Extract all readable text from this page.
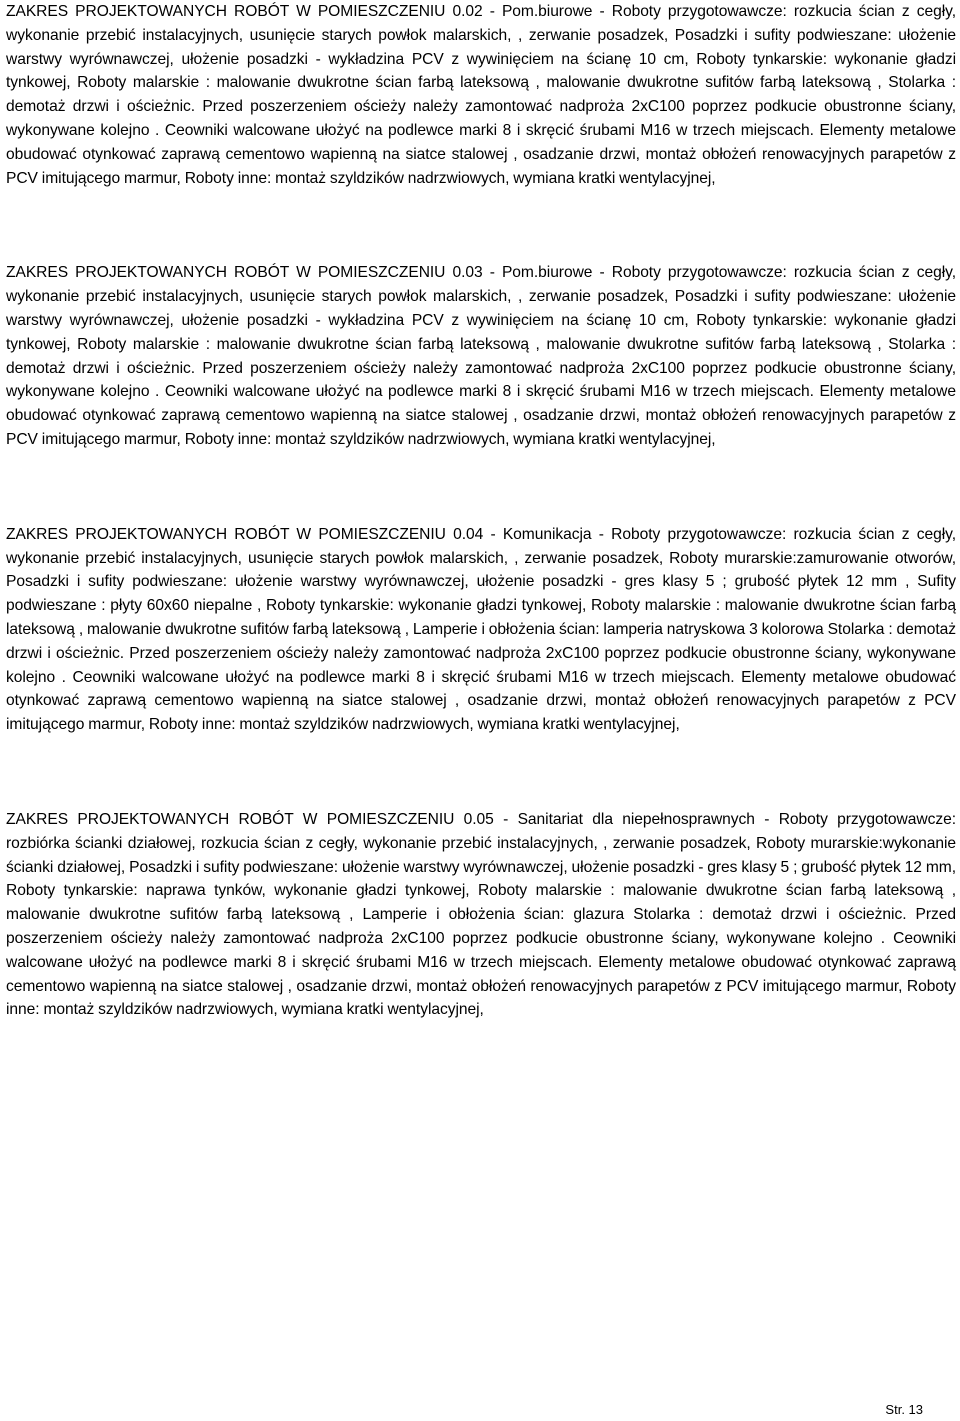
ZAKRES PROJEKTOWANYCH ROBÓT W POMIESZCZENIU 0.02 - Pom.biurowe - Roboty przygotowawcze: rozkucia ścian z cegły, wykonanie przebić instalacyjnych, usunięcie starych powłok malarskich, , zerwanie posadzek, Posadzki i sufity podwieszane: ułożenie warstwy wyrównawczej, ułożenie posadzki - wykładzina PCV z wywinięciem na ścianę 10 cm, Roboty tynkarskie: wykonanie gładzi tynkowej, Roboty malarskie : malowanie dwukrotne ścian farbą lateksową , malowanie dwukrotne sufitów farbą lateksową , Stolarka : demotaż drzwi i ościeżnic. Przed poszerzeniem ościeży należy zamontować nadproża 2xC100 poprzez podkucie obustronne ściany, wykonywane kolejno . Ceowniki walcowane ułożyć na podlewce marki 8 i skręcić śrubami M16 w trzech miejscach. Elementy metalowe obudować otynkować zaprawą cementowo wapienną na siatce stalowej , osadzanie drzwi, montaż obłożeń renowacyjnych parapetów z PCV imitującego marmur, Roboty inne: montaż szyldzików nadrzwiowych, wymiana kratki wentylacyjnej,

ZAKRES PROJEKTOWANYCH ROBÓT W POMIESZCZENIU 0.03 - Pom.biurowe - Roboty przygotowawcze: rozkucia ścian z cegły, wykonanie przebić instalacyjnych, usunięcie starych powłok malarskich, , zerwanie posadzek, Posadzki i sufity podwieszane: ułożenie warstwy wyrównawczej, ułożenie posadzki - wykładzina PCV z wywinięciem na ścianę 10 cm, Roboty tynkarskie: wykonanie gładzi tynkowej, Roboty malarskie : malowanie dwukrotne ścian farbą lateksową , malowanie dwukrotne sufitów farbą lateksową , Stolarka : demotaż drzwi i ościeżnic. Przed poszerzeniem ościeży należy zamontować nadproża 2xC100 poprzez podkucie obustronne ściany, wykonywane kolejno . Ceowniki walcowane ułożyć na podlewce marki 8 i skręcić śrubami M16 w trzech miejscach. Elementy metalowe obudować otynkować zaprawą cementowo wapienną na siatce stalowej , osadzanie drzwi, montaż obłożeń renowacyjnych parapetów z PCV imitującego marmur, Roboty inne: montaż szyldzików nadrzwiowych, wymiana kratki wentylacyjnej,

ZAKRES PROJEKTOWANYCH ROBÓT W POMIESZCZENIU 0.04 - Komunikacja - Roboty przygotowawcze: rozkucia ścian z cegły, wykonanie przebić instalacyjnych, usunięcie starych powłok malarskich, , zerwanie posadzek, Roboty murarskie:zamurowanie otworów, Posadzki i sufity podwieszane: ułożenie warstwy wyrównawczej, ułożenie posadzki - gres klasy 5 ; grubość płytek 12 mm , Sufity podwieszane : płyty 60x60 niepalne , Roboty tynkarskie: wykonanie gładzi tynkowej, Roboty malarskie : malowanie dwukrotne ścian farbą lateksową , malowanie dwukrotne sufitów farbą lateksową , Lamperie i obłożenia ścian: lamperia natryskowa 3 kolorowa Stolarka : demotaż drzwi i ościeżnic. Przed poszerzeniem ościeży należy zamontować nadproża 2xC100 poprzez podkucie obustronne ściany, wykonywane kolejno . Ceowniki walcowane ułożyć na podlewce marki 8 i skręcić śrubami M16 w trzech miejscach. Elementy metalowe obudować otynkować zaprawą cementowo wapienną na siatce stalowej , osadzanie drzwi, montaż obłożeń renowacyjnych parapetów z PCV imitującego marmur, Roboty inne: montaż szyldzików nadrzwiowych, wymiana kratki wentylacyjnej,

ZAKRES PROJEKTOWANYCH ROBÓT W POMIESZCZENIU 0.05 - Sanitariat dla niepełnosprawnych - Roboty przygotowawcze: rozbiórka ścianki działowej, rozkucia ścian z cegły, wykonanie przebić instalacyjnych, , zerwanie posadzek, Roboty murarskie:wykonanie ścianki działowej, Posadzki i sufity podwieszane: ułożenie warstwy wyrównawczej, ułożenie posadzki - gres klasy 5 ; grubość płytek 12 mm, Roboty tynkarskie: naprawa tynków, wykonanie gładzi tynkowej, Roboty malarskie : malowanie dwukrotne ścian farbą lateksową , malowanie dwukrotne sufitów farbą lateksową , Lamperie i obłożenia ścian: glazura Stolarka : demotaż drzwi i ościeżnic. Przed poszerzeniem ościeży należy zamontować nadproża 2xC100 poprzez podkucie obustronne ściany, wykonywane kolejno . Ceowniki walcowane ułożyć na podlewce marki 8 i skręcić śrubami M16 w trzech miejscach. Elementy metalowe obudować otynkować zaprawą cementowo wapienną na siatce stalowej , osadzanie drzwi, montaż obłożeń renowacyjnych parapetów z PCV imitującego marmur, Roboty inne: montaż szyldzików nadrzwiowych, wymiana kratki wentylacyjnej,

Str. 13
